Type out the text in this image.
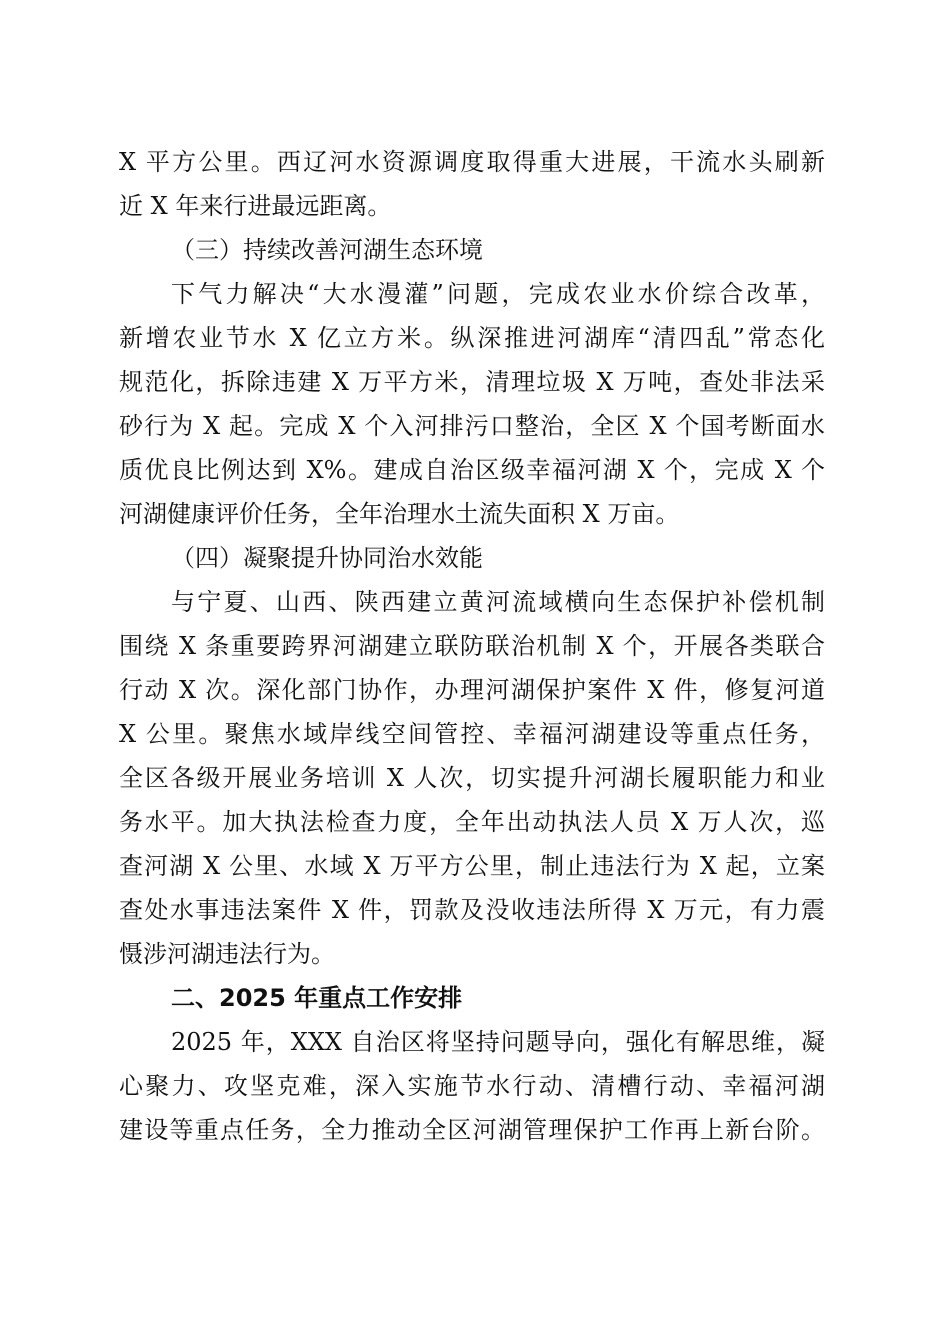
X 平方公里。西辽河水资源调度取得重大进展，干流水头刷新
近 X 年来行进最远距离。
（三）持续改善河湖生态环境
下气力解决“大水漫灌”问题，完成农业水价综合改革，
新增农业节水 X 亿立方米。纵深推进河湖库“清四乱”常态化
规范化，拆除违建 X 万平方米，清理垃圾 X 万吨，查处非法采
砂行为 X 起。完成 X 个入河排污口整治，全区 X 个国考断面水
质优良比例达到 X%。建成自治区级幸福河湖 X 个，完成 X 个
河湖健康评价任务，全年治理水土流失面积 X 万亩。
（四）凝聚提升协同治水效能
与宁夏、山西、陕西建立黄河流域横向生态保护补偿机制
围绕 X 条重要跨界河湖建立联防联治机制 X 个，开展各类联合
行动 X 次。深化部门协作，办理河湖保护案件 X 件，修复河道
X 公里。聚焦水域岸线空间管控、幸福河湖建设等重点任务，
全区各级开展业务培训 X 人次，切实提升河湖长履职能力和业
务水平。加大执法检查力度，全年出动执法人员 X 万人次，巡
查河湖 X 公里、水域 X 万平方公里，制止违法行为 X 起，立案
查处水事违法案件 X 件，罚款及没收违法所得 X 万元，有力震
慑涉河湖违法行为。
二、2025 年重点工作安排
2025 年，XXX 自治区将坚持问题导向，强化有解思维，凝
心聚力、攻坚克难，深入实施节水行动、清槽行动、幸福河湖
建设等重点任务，全力推动全区河湖管理保护工作再上新台阶。
